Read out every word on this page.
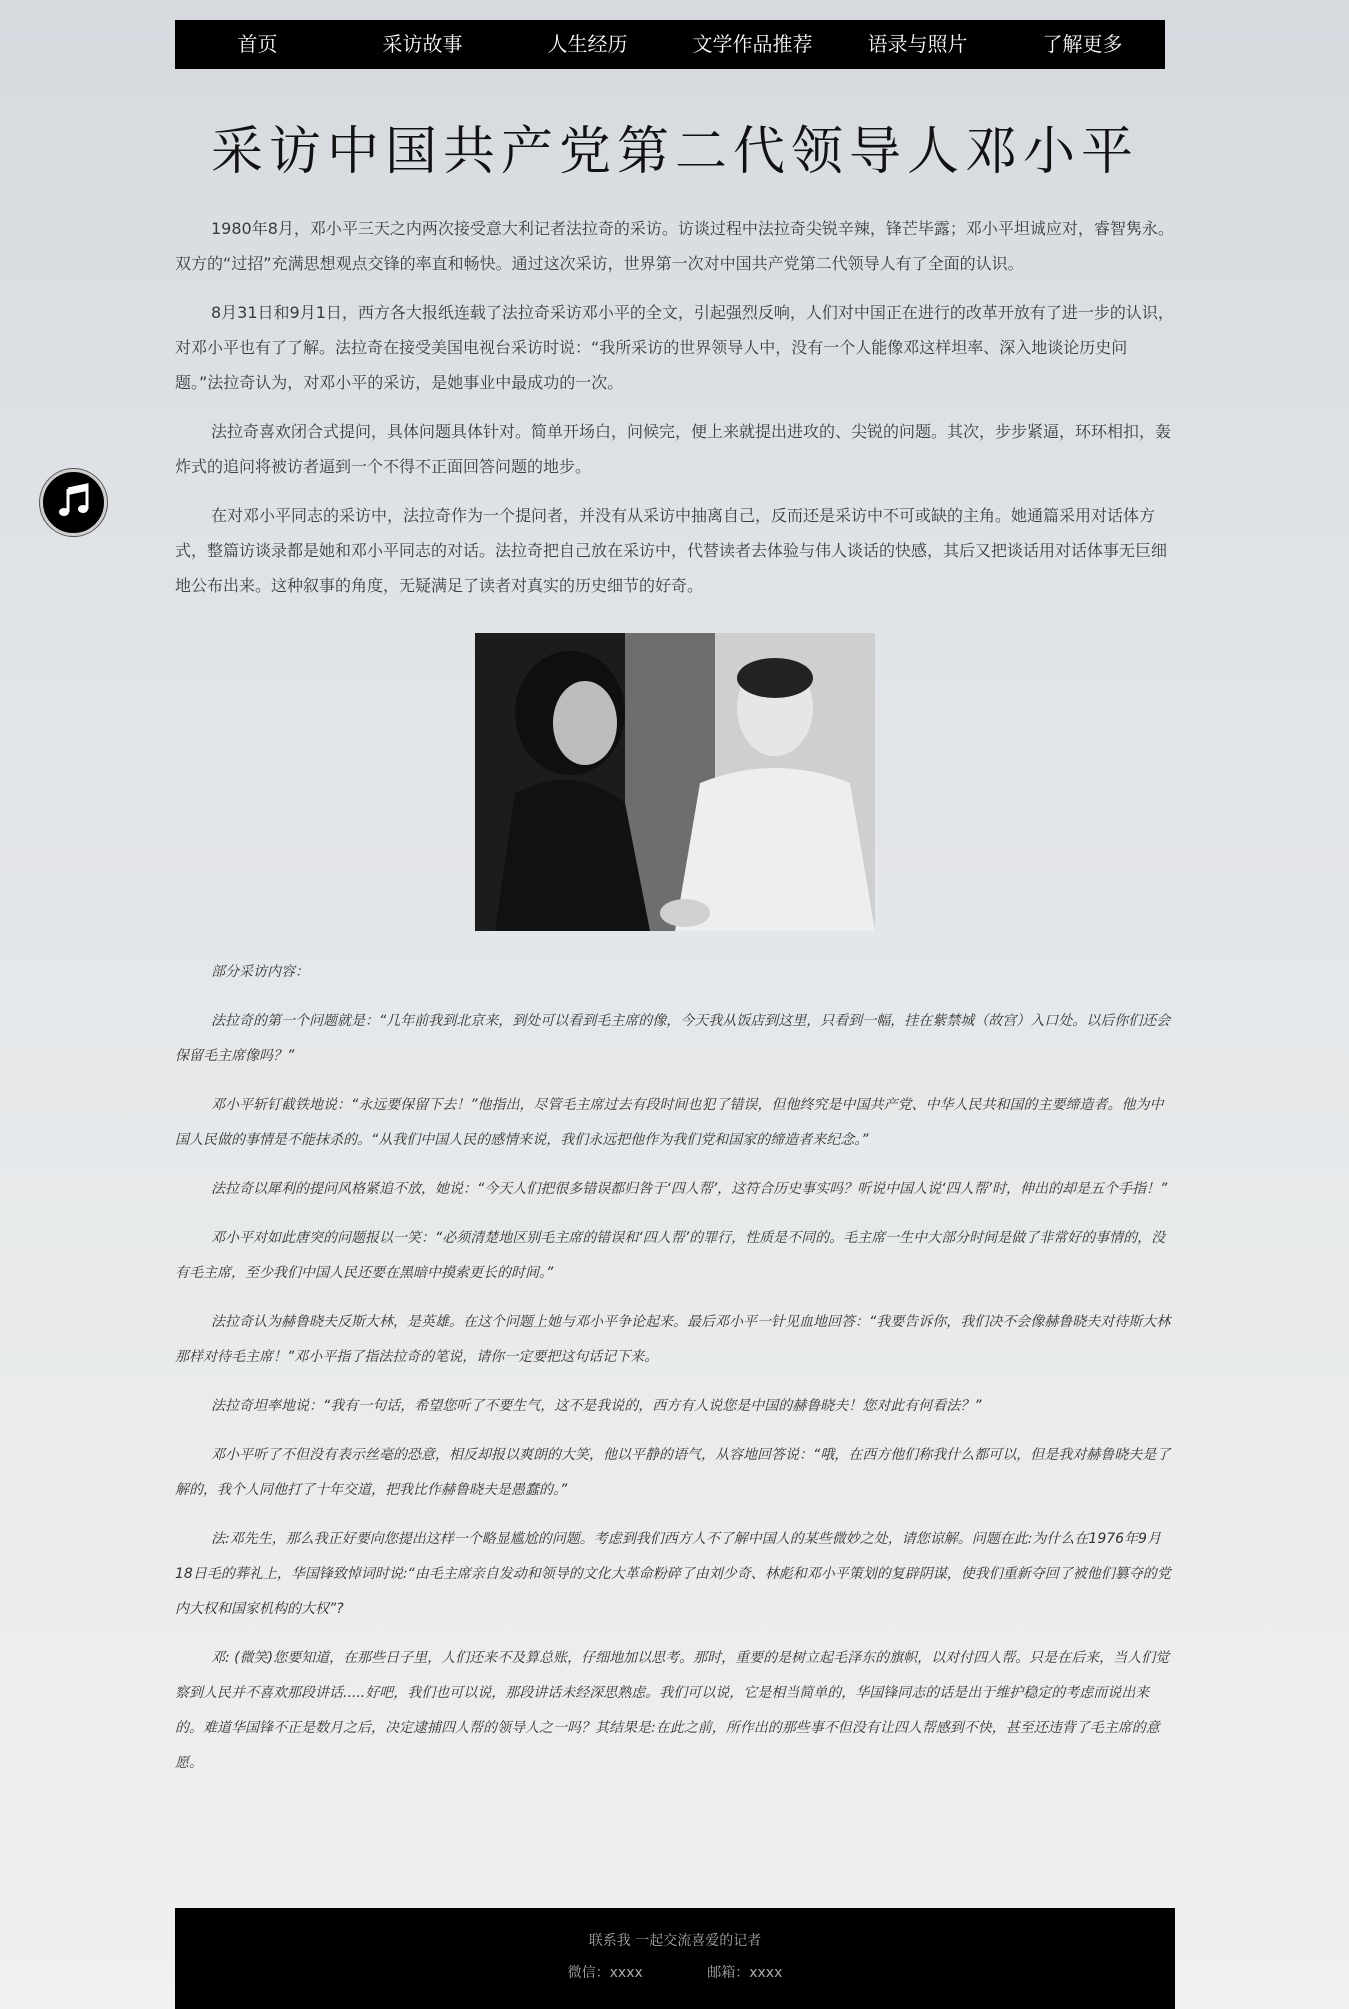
首页	采访故事	人生经历	文学作品推荐	语录与照片	了解更多
采访中国共产党第二代领导人邓小平

1980年8月，邓小平三天之内两次接受意大利记者法拉奇的采访。访谈过程中法拉奇尖锐辛辣，锋芒毕露；邓小平坦诚应对，睿智隽永。双方的“过招”充满思想观点交锋的率直和畅快。通过这次采访，世界第一次对中国共产党第二代领导人有了全面的认识。

8月31日和9月1日，西方各大报纸连载了法拉奇采访邓小平的全文，引起强烈反响，人们对中国正在进行的改革开放有了进一步的认识，对邓小平也有了了解。法拉奇在接受美国电视台采访时说：“我所采访的世界领导人中，没有一个人能像邓这样坦率、深入地谈论历史问题。”法拉奇认为，对邓小平的采访，是她事业中最成功的一次。

法拉奇喜欢闭合式提问，具体问题具体针对。简单开场白，问候完，便上来就提出进攻的、尖锐的问题。其次，步步紧逼，环环相扣，轰炸式的追问将被访者逼到一个不得不正面回答问题的地步。

在对邓小平同志的采访中，法拉奇作为一个提问者，并没有从采访中抽离自己，反而还是采访中不可或缺的主角。她通篇采用对话体方式，整篇访谈录都是她和邓小平同志的对话。法拉奇把自己放在采访中，代替读者去体验与伟人谈话的快感，其后又把谈话用对话体事无巨细地公布出来。这种叙事的角度，无疑满足了读者对真实的历史细节的好奇。

部分采访内容：

法拉奇的第一个问题就是：“几年前我到北京来，到处可以看到毛主席的像，今天我从饭店到这里，只看到一幅，挂在紫禁城（故宫）入口处。以后你们还会保留毛主席像吗？”

邓小平斩钉截铁地说：“永远要保留下去！”他指出，尽管毛主席过去有段时间也犯了错误，但他终究是中国共产党、中华人民共和国的主要缔造者。他为中国人民做的事情是不能抹杀的。“从我们中国人民的感情来说，我们永远把他作为我们党和国家的缔造者来纪念。”

法拉奇以犀利的提问风格紧追不放，她说：“今天人们把很多错误都归咎于‘四人帮’，这符合历史事实吗？听说中国人说‘四人帮’时，伸出的却是五个手指！”

邓小平对如此唐突的问题报以一笑：“必须清楚地区别毛主席的错误和‘四人帮’的罪行，性质是不同的。毛主席一生中大部分时间是做了非常好的事情的，没有毛主席，至少我们中国人民还要在黑暗中摸索更长的时间。”

法拉奇认为赫鲁晓夫反斯大林，是英雄。在这个问题上她与邓小平争论起来。最后邓小平一针见血地回答：“我要告诉你，我们决不会像赫鲁晓夫对待斯大林那样对待毛主席！”邓小平指了指法拉奇的笔说，请你一定要把这句话记下来。

法拉奇坦率地说：“我有一句话，希望您听了不要生气，这不是我说的，西方有人说您是中国的赫鲁晓夫！您对此有何看法？”

邓小平听了不但没有表示丝毫的恐意，相反却报以爽朗的大笑，他以平静的语气，从容地回答说：“哦，在西方他们称我什么都可以，但是我对赫鲁晓夫是了解的，我个人同他打了十年交道，把我比作赫鲁晓夫是愚蠢的。”

法:邓先生，那么我正好要向您提出这样一个略显尴尬的问题。考虑到我们西方人不了解中国人的某些微妙之处，请您谅解。问题在此:为什么在1976年9月18日毛的葬礼上，华国锋致悼词时说:“由毛主席亲自发动和领导的文化大革命粉碎了由刘少奇、林彪和邓小平策划的复辟阴谋，使我们重新夺回了被他们篡夺的党内大权和国家机构的大权”?

邓: (微笑)您要知道，在那些日子里，人们还来不及算总账，仔细地加以思考。那时，重要的是树立起毛泽东的旗帜，以对付四人帮。只是在后来，当人们觉察到人民并不喜欢那段讲话.....好吧，我们也可以说，那段讲话未经深思熟虑。我们可以说，它是相当简单的，华国锋同志的话是出于维护稳定的考虑而说出来的。难道华国锋不正是数月之后，决定逮捕四人帮的领导人之一吗？其结果是:在此之前，所作出的那些事不但没有让四人帮感到不快，甚至还违背了毛主席的意愿。

联系我 一起交流喜爱的记者
微信：xxxx	邮箱：xxxx
